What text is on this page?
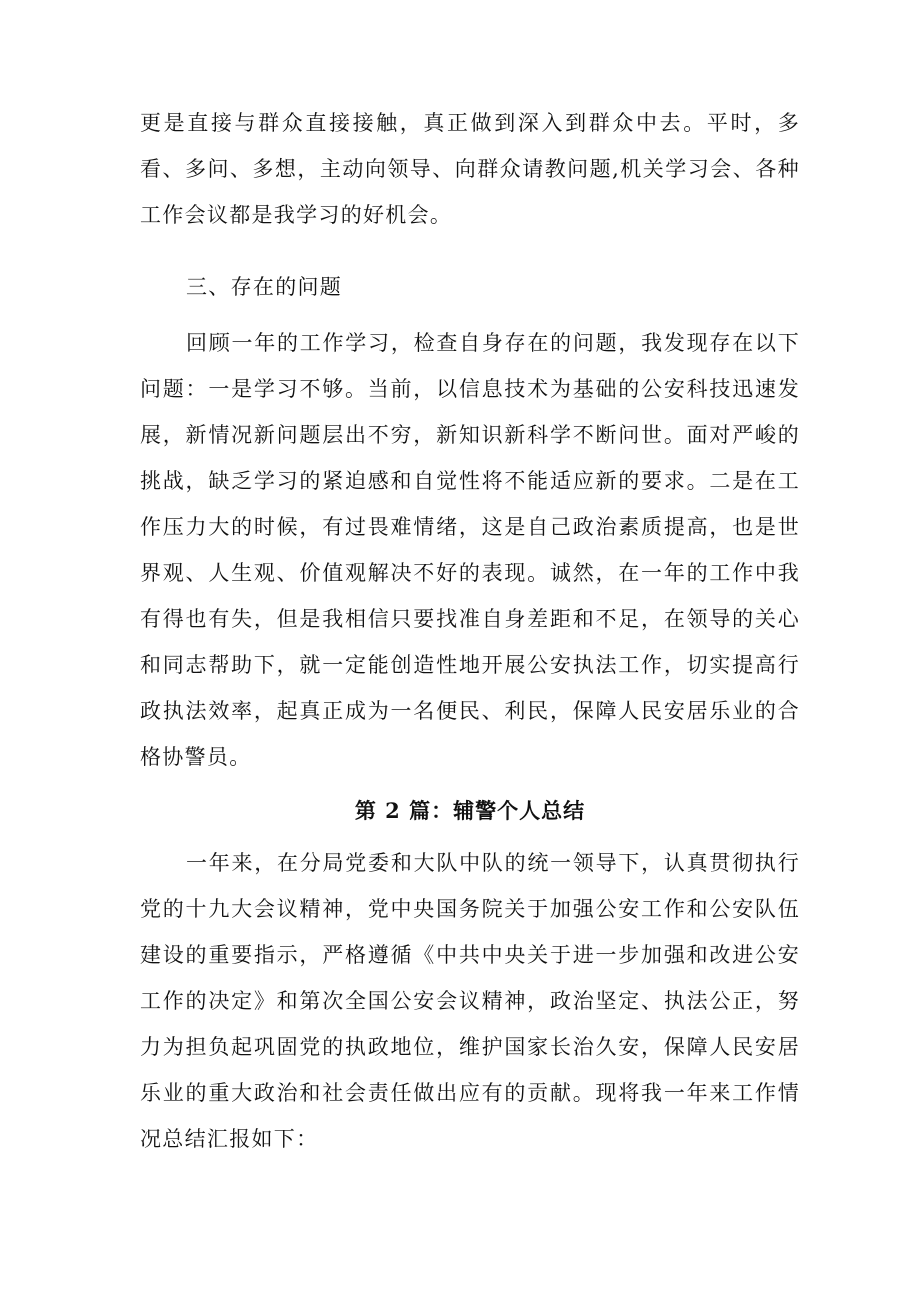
更是直接与群众直接接触，真正做到深入到群众中去。平时，多看、多问、多想，主动向领导、向群众请教问题,机关学习会、各种工作会议都是我学习的好机会。

三、存在的问题

回顾一年的工作学习，检查自身存在的问题，我发现存在以下问题：一是学习不够。当前，以信息技术为基础的公安科技迅速发展，新情况新问题层出不穷，新知识新科学不断问世。面对严峻的挑战，缺乏学习的紧迫感和自觉性将不能适应新的要求。二是在工作压力大的时候，有过畏难情绪，这是自己政治素质提高，也是世界观、人生观、价值观解决不好的表现。诚然，在一年的工作中我有得也有失，但是我相信只要找准自身差距和不足，在领导的关心和同志帮助下，就一定能创造性地开展公安执法工作，切实提高行政执法效率，起真正成为一名便民、利民，保障人民安居乐业的合格协警员。

第 2 篇：辅警个人总结

一年来，在分局党委和大队中队的统一领导下，认真贯彻执行党的十九大会议精神，党中央国务院关于加强公安工作和公安队伍建设的重要指示，严格遵循《中共中央关于进一步加强和改进公安工作的决定》和第次全国公安会议精神，政治坚定、执法公正，努力为担负起巩固党的执政地位，维护国家长治久安，保障人民安居乐业的重大政治和社会责任做出应有的贡献。现将我一年来工作情况总结汇报如下：
